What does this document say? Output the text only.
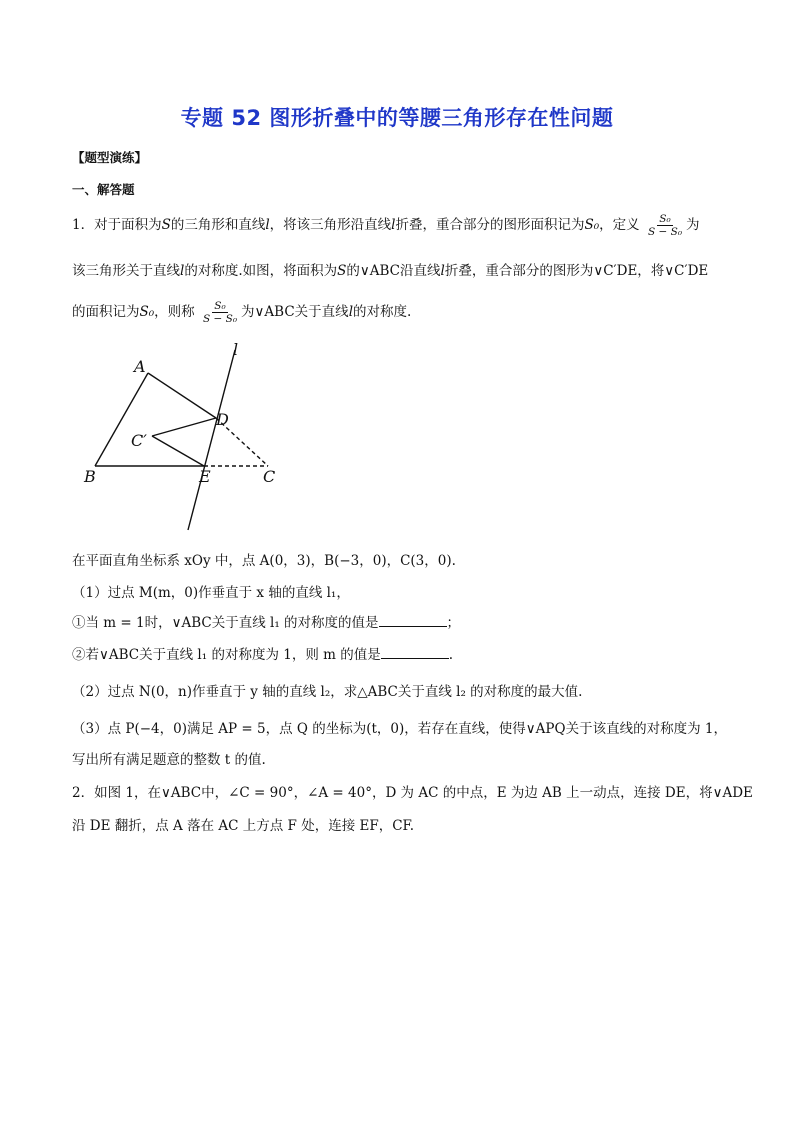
专题 52 图形折叠中的等腰三角形存在性问题
【题型演练】
一、解答题
1．对于面积为S的三角形和直线l，将该三角形沿直线l折叠，重合部分的图形面积记为S₀，定义 $\frac{\text{S₀}}{\text{S − S₀}}$ 为
该三角形关于直线l的对称度.如图，将面积为S的∨ABC沿直线l折叠，重合部分的图形为∨C′DE，将∨C′DE
的面积记为S₀，则称 $\frac{\text{S₀}}{\text{S − S₀}}$ 为∨ABC关于直线l的对称度.
A
B	C
C′
D
E
l
在平面直角坐标系 xOy 中，点 A(0，3)，B(−3，0)，C(3，0).
（1）过点 M(m，0)作垂直于 x 轴的直线 l₁，
①当 m = 1时，∨ABC关于直线 l₁ 的对称度的值是	；
②若∨ABC关于直线 l₁ 的对称度为 1，则 m 的值是	.
（2）过点 N(0，n)作垂直于 y 轴的直线 l₂，求△ABC关于直线 l₂ 的对称度的最大值.
（3）点 P(−4，0)满足 AP = 5，点 Q 的坐标为(t，0)，若存在直线，使得∨APQ关于该直线的对称度为 1，
写出所有满足题意的整数 t 的值.
2．如图 1，在∨ABC中，∠C = 90°，∠A = 40°，D 为 AC 的中点，E 为边 AB 上一动点，连接 DE，将∨ADE
沿 DE 翻折，点 A 落在 AC 上方点 F 处，连接 EF，CF.
